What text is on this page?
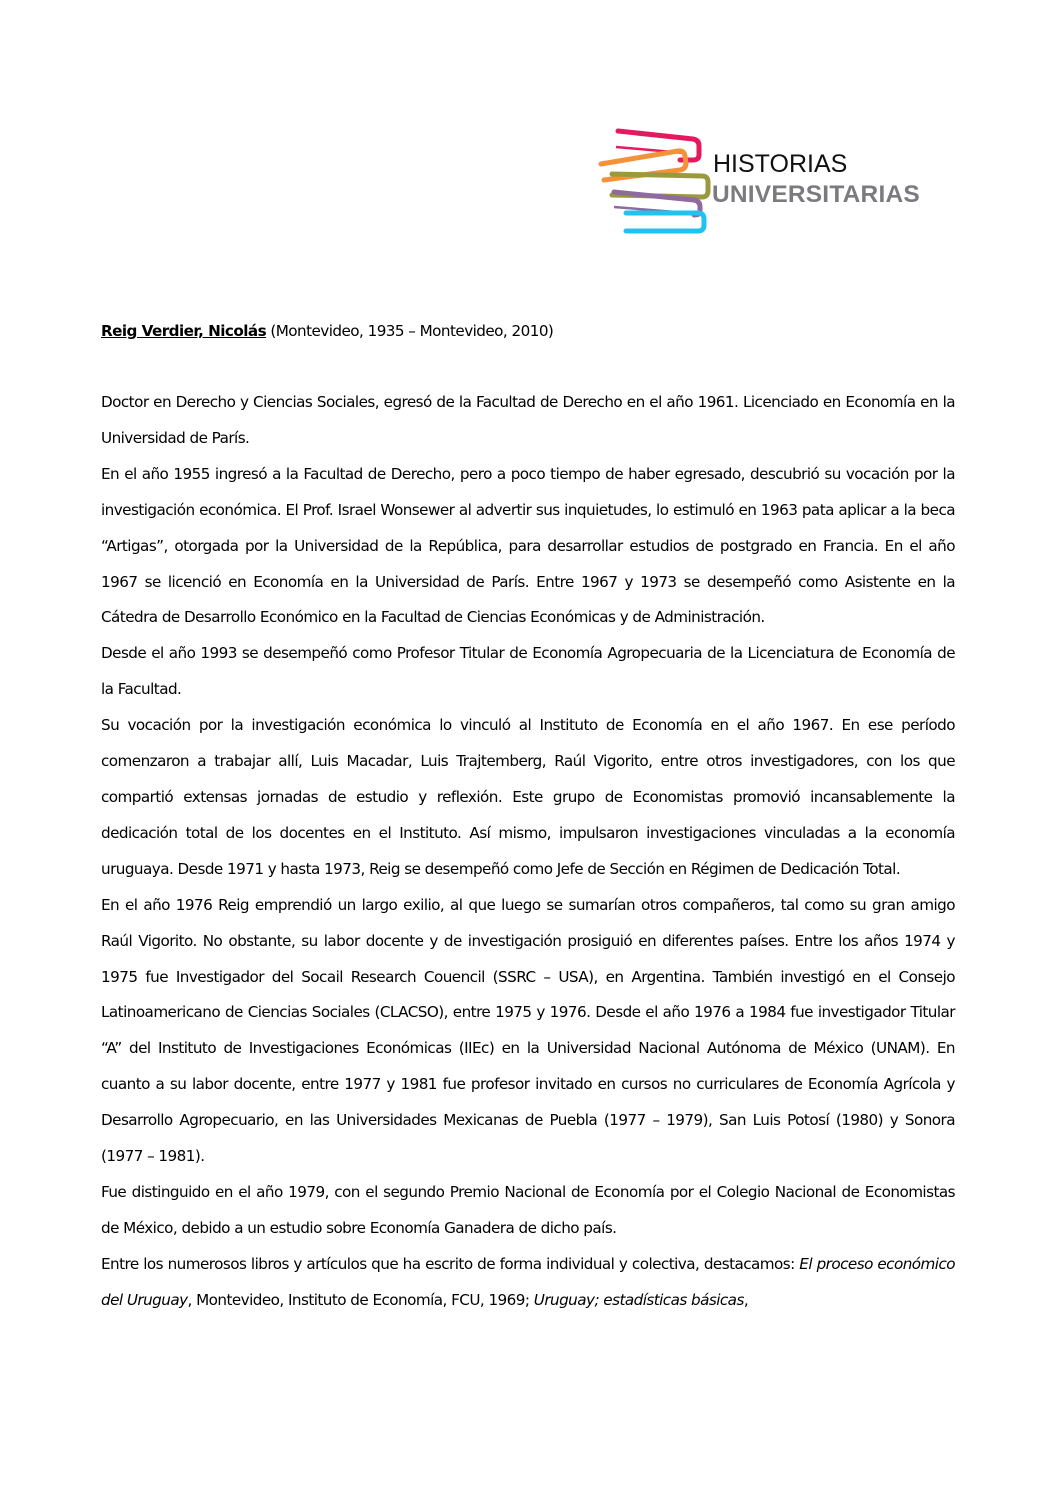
HISTORIAS
UNIVERSITARIAS
Reig Verdier, Nicolás (Montevideo, 1935 – Montevideo, 2010)

Doctor en Derecho y Ciencias Sociales, egresó de la Facultad de Derecho en el año 1961. Licenciado en Economía en la Universidad de París.

En el año 1955 ingresó a la Facultad de Derecho, pero a poco tiempo de haber egresado, descubrió su vocación por la investigación económica. El Prof. Israel Wonsewer al advertir sus inquietudes, lo estimuló en 1963 pata aplicar a la beca “Artigas”, otorgada por la Universidad de la República, para desarrollar estudios de postgrado en Francia. En el año 1967 se licenció en Economía en la Universidad de París. Entre 1967 y 1973 se desempeñó como Asistente en la Cátedra de Desarrollo Económico en la Facultad de Ciencias Económicas y de Administración.

Desde el año 1993 se desempeñó como Profesor Titular de Economía Agropecuaria de la Licenciatura de Economía de la Facultad.

Su vocación por la investigación económica lo vinculó al Instituto de Economía en el año 1967. En ese período comenzaron a trabajar allí, Luis Macadar, Luis Trajtemberg, Raúl Vigorito, entre otros investigadores, con los que compartió extensas jornadas de estudio y reflexión. Este grupo de Economistas promovió incansablemente la dedicación total de los docentes en el Instituto. Así mismo, impulsaron investigaciones vinculadas a la economía uruguaya. Desde 1971 y hasta 1973, Reig se desempeñó como Jefe de Sección en Régimen de Dedicación Total.

En el año 1976 Reig emprendió un largo exilio, al que luego se sumarían otros compañeros, tal como su gran amigo Raúl Vigorito. No obstante, su labor docente y de investigación prosiguió en diferentes países. Entre los años 1974 y 1975 fue Investigador del Socail Research Couencil (SSRC – USA), en Argentina. También investigó en el Consejo Latinoamericano de Ciencias Sociales (CLACSO), entre 1975 y 1976. Desde el año 1976 a 1984 fue investigador Titular “A” del Instituto de Investigaciones Económicas (IIEc) en la Universidad Nacional Autónoma de México (UNAM). En cuanto a su labor docente, entre 1977 y 1981 fue profesor invitado en cursos no curriculares de Economía Agrícola y Desarrollo Agropecuario, en las Universidades Mexicanas de Puebla (1977 – 1979), San Luis Potosí (1980) y Sonora (1977 – 1981).

Fue distinguido en el año 1979, con el segundo Premio Nacional de Economía por el Colegio Nacional de Economistas de México, debido a un estudio sobre Economía Ganadera de dicho país.

Entre los numerosos libros y artículos que ha escrito de forma individual y colectiva, destacamos: El proceso económico del Uruguay, Montevideo, Instituto de Economía, FCU, 1969; Uruguay; estadísticas básicas,
